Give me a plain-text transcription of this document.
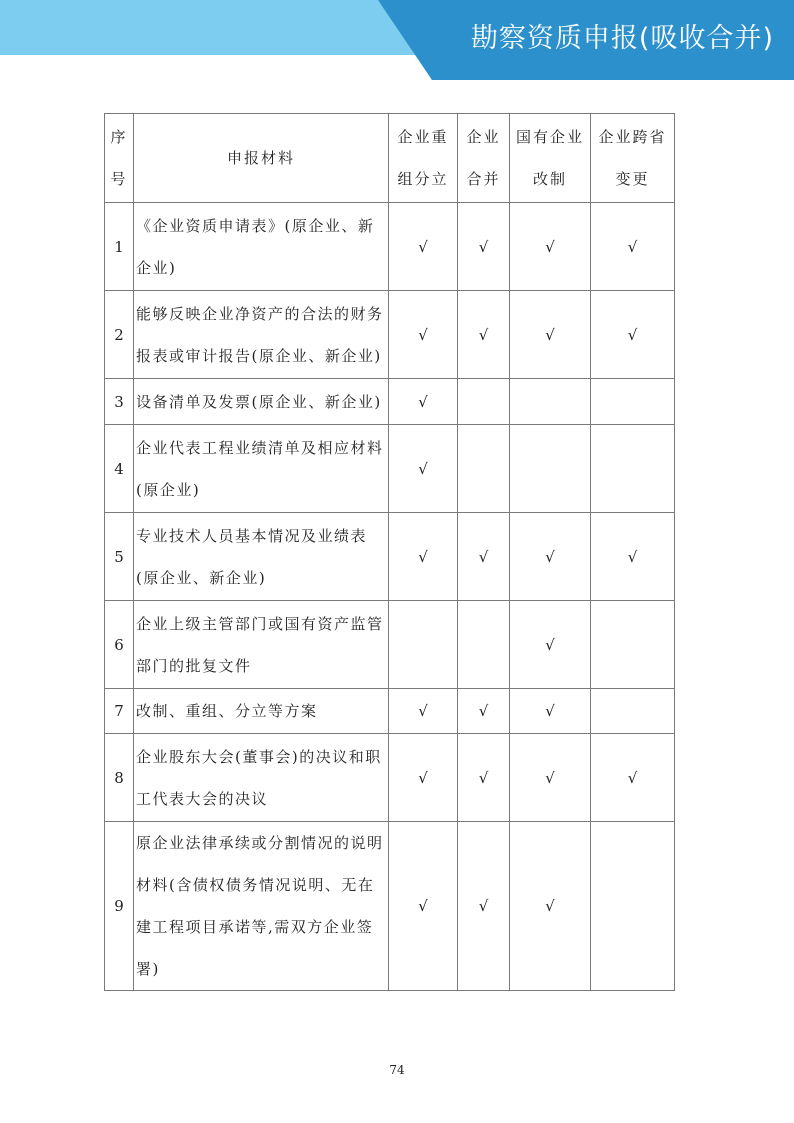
勘察资质申报(吸收合并)
序号	申报材料	企业重组分立	企业合并	国有企业改制	企业跨省变更
1	《企业资质申请表》(原企业、新企业)	√	√	√	√
2	能够反映企业净资产的合法的财务报表或审计报告(原企业、新企业)	√	√	√	√
3	设备清单及发票(原企业、新企业)	√			
4	企业代表工程业绩清单及相应材料(原企业)	√			
5	专业技术人员基本情况及业绩表(原企业、新企业)	√	√	√	√
6	企业上级主管部门或国有资产监管部门的批复文件			√	
7	改制、重组、分立等方案	√	√	√	
8	企业股东大会(董事会)的决议和职工代表大会的决议	√	√	√	√
9	原企业法律承续或分割情况的说明材料(含债权债务情况说明、无在建工程项目承诺等,需双方企业签署)	√	√	√	
74
